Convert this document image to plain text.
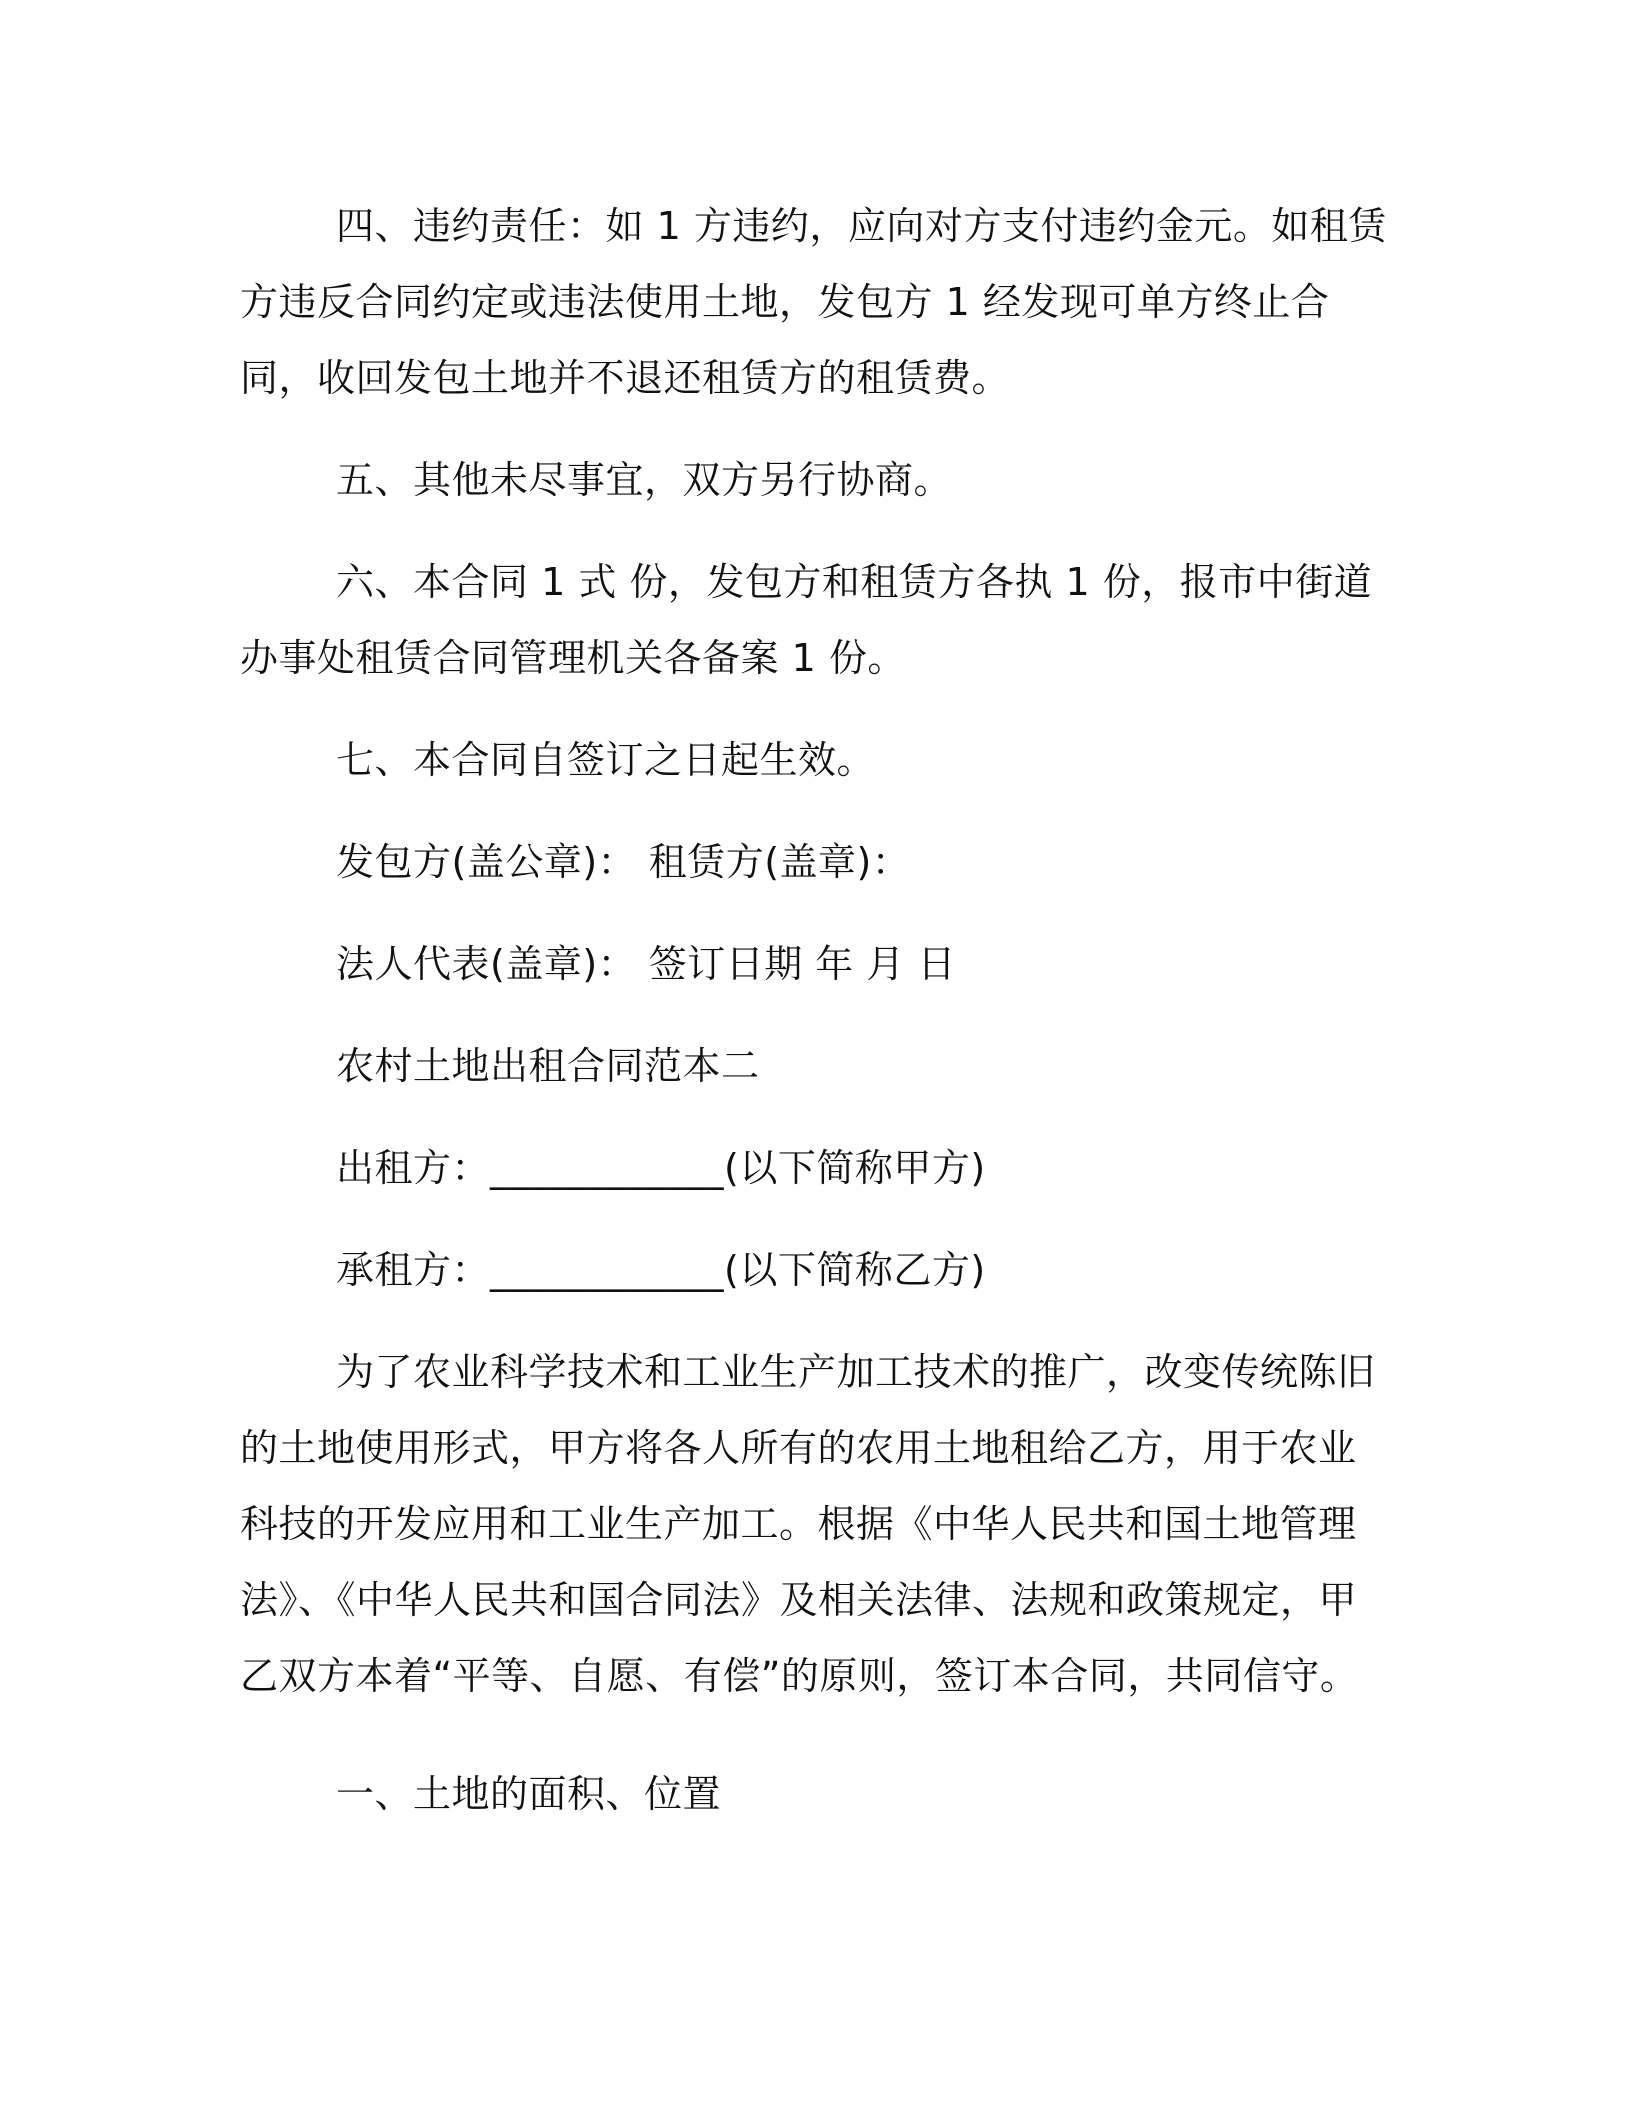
四、违约责任：如 1 方违约，应向对方支付违约金元。如租赁方违反合同约定或违法使用土地，发包方 1 经发现可单方终止合同，收回发包土地并不退还租赁方的租赁费。

五、其他未尽事宜，双方另行协商。

六、本合同 1 式 份，发包方和租赁方各执 1 份，报市中街道办事处租赁合同管理机关各备案 1 份。

七、本合同自签订之日起生效。

发包方(盖公章)： 租赁方(盖章)：

法人代表(盖章)： 签订日期 年 月 日

农村土地出租合同范本二

出租方：____________(以下简称甲方)

承租方：____________(以下简称乙方)

为了农业科学技术和工业生产加工技术的推广，改变传统陈旧的土地使用形式，甲方将各人所有的农用土地租给乙方，用于农业科技的开发应用和工业生产加工。根据《中华人民共和国土地管理法》、《中华人民共和国合同法》及相关法律、法规和政策规定，甲乙双方本着“平等、自愿、有偿”的原则，签订本合同，共同信守。

一、土地的面积、位置
